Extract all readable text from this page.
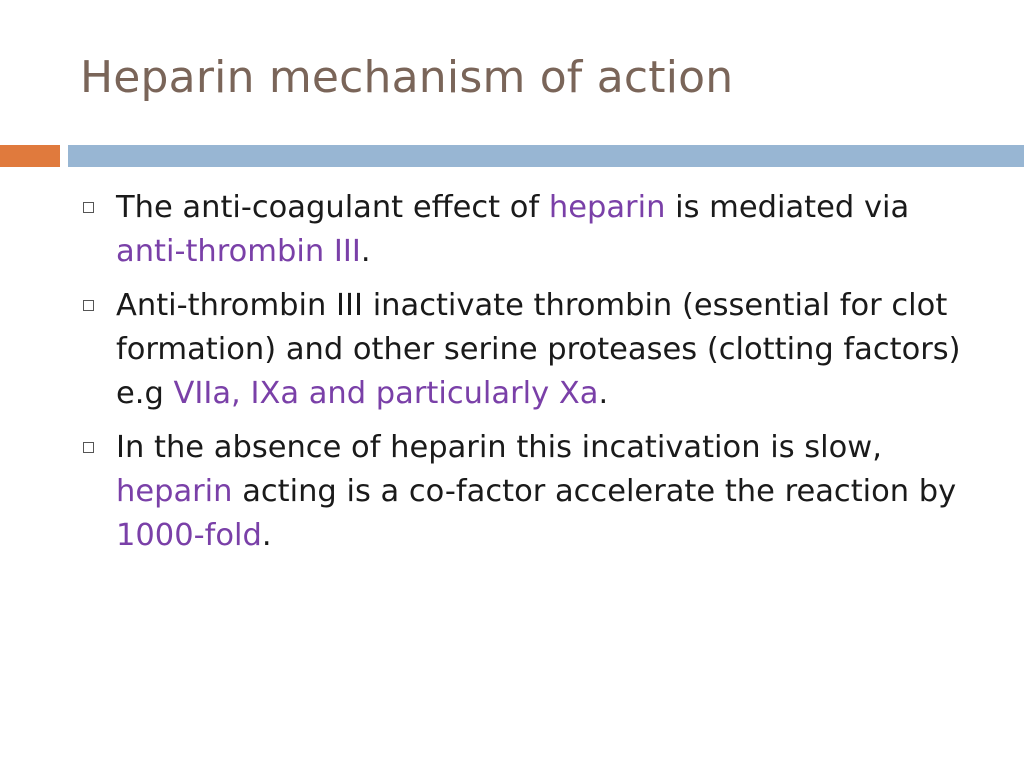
Heparin mechanism of action
The anti-coagulant effect of heparin is mediated via anti-thrombin III.
Anti-thrombin III inactivate thrombin (essential for clot formation) and other serine proteases (clotting factors) e.g VIIa, IXa and particularly Xa.
In the absence of heparin this incativation is slow, heparin acting is a co-factor accelerate the reaction by 1000-fold.
